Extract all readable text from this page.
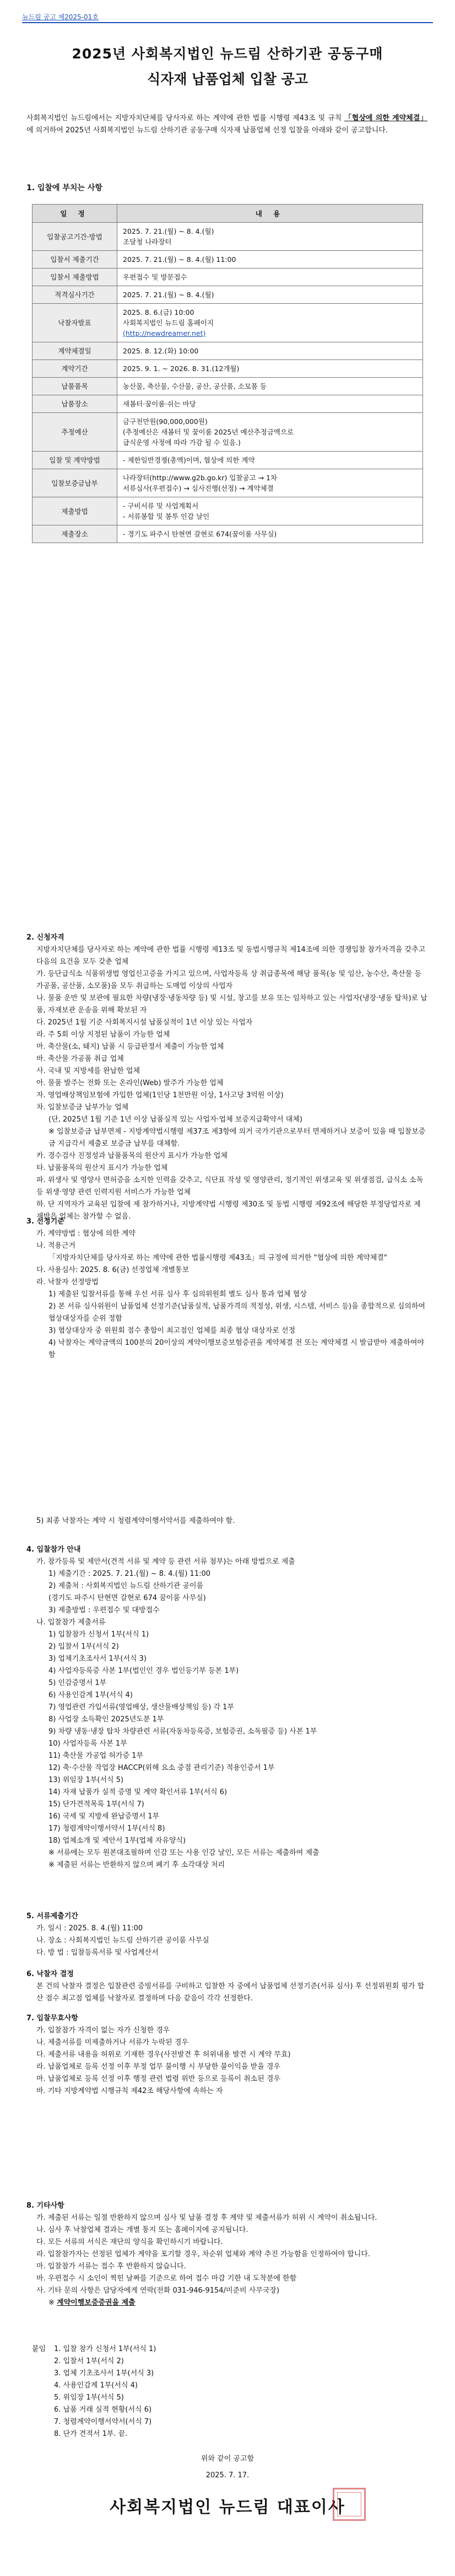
뉴드림 공고 제2025-01호
2025년 사회복지법인 뉴드림 산하기관 공동구매
식자재 납품업체 입찰 공고
사회복지법인 뉴드림에서는 지방자치단체를 당사자로 하는 계약에 관한 법률 시행령 제43조 및 규칙 「협상에 의한 계약체결」 에 의거하여 2025년 사회복지법인 뉴드림 산하기관 공동구매 식자재 납품업체 선정 입찰을 아래와 같이 공고합니다.
1. 입찰에 부치는 사항
일 정	내 용
입찰공고기간·방법	2025. 7. 21.(월) ~ 8. 4.(월)
조달청 나라장터

입찰서 제출기간	2025. 7. 21.(월) ~ 8. 4.(월) 11:00

입찰서 제출방법	우편접수 및 방문접수

적격심사기간	2025. 7. 21.(월) ~ 8. 4.(월)

낙찰자발표	2025. 8. 6.(금) 10:00
사회복지법인 뉴드림 홈페이지
(http://newdreamer.net)
계약체결일	2025. 8. 12.(화) 10:00

계약기간	2025. 9. 1. ~ 2026. 8. 31.(12개월)

납품품목	농산물, 축산물, 수산물, 공산, 공산품, 소모품 등

납품장소	새봄터·꿈이룸·쉬는 마당

추정예산	금구천만원(90,000,000원)
(추정예산은 새봄터 및 꿈이룸 2025년 예산추정금액으로
급식운영 사정에 따라 가감 될 수 있음.)

입찰 및 계약방법	- 제한일반경쟁(총액)이며, 협상에 의한 계약

입찰보증금납부	나라장터(http://www.g2b.go.kr) 입찰공고 → 1차
서류심사(우편접수) → 심사진행(선정) → 계약체결

제출방법	- 구비서류 및 사업계획서
- 서류봉합 및 봉투 인감 날인

제출장소	- 경기도 파주시 탄현면 갈현로 674(꿈이룸 사무실)

2. 신청자격

지방자치단체를 당사자로 하는 계약에 관한 법률 시행령 제13조 및 동법시행규칙 제14조에 의한 경쟁입찰 참가자격을 갖추고 다음의 요건을 모두 갖춘 업체

가. 등단급식소 식품위생법 영업신고증을 가지고 있으며, 사업자등록 상 취급종목에 해당 품목(농 및 임산, 농수산, 축산물 등 가공품, 공산품, 소모품)을 모두 취급하는 도매업 이상의 사업자

나. 물품 운반 및 보관에 필요한 차량(냉장·냉동차량 등) 및 시설, 창고를 보유 또는 임차하고 있는 사업자(냉장·냉동 탑차)로 납품, 자재보관 운송을 위해 확보된 자

다. 2025년 1월 기준 사회복지시설 납품실적이 1년 이상 있는 사업자

라. 주 5회 이상 지정된 납품이 가능한 업체

마. 축산물(소, 돼지) 납품 시 등급판정서 제출이 가능한 업체

바. 축산물 가공품 취급 업체

사. 국내 및 지방세를 완납한 업체

아. 물품 발주는 전화 또는 온라인(Web) 발주가 가능한 업체

자. 영업배상책임보험에 가입한 업체(1인당 1천만원 이상, 1사고당 3억원 이상)

차. 입찰보증금 납부가능 업체

(단, 2025년 1월 기준 1년 이상 납품실적 있는 사업자·업체 보증지급확약서 대체)

※ 입찰보증금 납부면제 - 지방계약법시행령 제37조 제3항에 의거 국가기관으로부터 면제하거나 보증이 있을 때 입찰보증금 지급각서 제출로 보증금 납부를 대체함.

카. 경수검사 진정성과 납품품목의 원산지 표시가 가능한 업체

타. 납품품목의 원산지 표시가 가능한 업체

파. 위생사 및 영양사 면허증을 소지한 인력을 갖추고, 식단표 작성 및 영양관리, 정기적인 위생교육 및 위생점검, 급식소 소독 등 위생·영양 관련 인력지원 서비스가 가능한 업체

하. 단 지역자가 교육된 입찰에 제 참가하거나, 지방계약법 시행령 제30조 및 동법 시행령 제92조에 해당한 부정당업자로 제재받은 업체는 참가할 수 없음.

3. 선정기준

가. 계약방법 : 협상에 의한 계약

나. 적용근거

「지방자치단체를 당사자로 하는 계약에 관한 법률시행령 제43조」의 규정에 의거한 "협상에 의한 계약체결"

다. 사용심사: 2025. 8. 6(금) 선정업체 개별통보

라. 낙찰자 선정방법

1) 제출된 입찰서류를 통해 우선 서류 심사 후 심의위원회 별도 심사 통과 업체 협상

2) 본 서류 심사위원이 납품업체 선정기준(납품실적, 납품가격의 적정성, 위생, 시스템, 서비스 등)을 종합적으로 심의하여 협상대상자를 순위 정함

3) 협상대상자 중 위원회 점수 총합이 최고점인 업체를 최종 협상 대상자로 선정

4) 낙찰자는 계약금액의 100분의 20이상의 계약이행보증보험증권을 계약체결 전 또는 계약체결 시 발급받아 제출하여야 함

5) 최종 낙찰자는 계약 시 청렴계약이행서약서를 제출하여야 함.

4. 입찰참가 안내

가. 참가등록 및 제안서(견적 서류 및 계약 등 관련 서류 첨부)는 아래 방법으로 제출

1) 제출기간 : 2025. 7. 21.(월) ~ 8. 4.(월) 11:00

2) 제출처 : 사회복지법인 뉴드림 산하기관 공이룸

(경기도 파주시 탄현면 갈현로 674 꿈이룸 사무실)

3) 제출방법 : 우편접수 및 대방접수

나. 입찰참가 제출서류

1) 입찰참가 신청서 1부(서식 1)

2) 입찰서 1부(서식 2)

3) 업체기초조사서 1부(서식 3)

4) 사업자등록증 사본 1부(법인인 경우 법인등기부 등본 1부)

5) 인감증명서 1부

6) 사용인감계 1부(서식 4)

7) 영업관련 가입서류(영업배상, 생산물배상책임 등) 각 1부

8) 사업장 소득확인 2025년도분 1부

9) 차량 냉동·냉장 탑차 차량관련 서류(자동차등록증, 보험증권, 소독필증 등) 사본 1부

10) 사업자등록 사본 1부

11) 축산물 가공업 허가증 1부

12) 축·수산물 작업장 HACCP(위해 요소 중점 관리기준) 적용인증서 1부

13) 위임장 1부(서식 5)

14) 자재 납품가 실적 증명 및 계약 확인서류 1부(서식 6)

15) 단가견적목록 1부(서식 7)

16) 국세 및 지방세 완납증명서 1부

17) 청렴계약이행서약서 1부(서식 8)

18) 업체소개 및 제안서 1부(업체 자유양식)

※ 서류에는 모두 원본대조필하며 인감 또는 사용 인감 날인, 모든 서류는 제출하여 제출

※ 제출된 서류는 반환하지 않으며 폐기 후 소각대상 처리

5. 서류제출기간

가. 일시 : 2025. 8. 4.(월) 11:00

나. 장소 : 사회복지법인 뉴드림 산하기관 공이룸 사무실

다. 방 법 : 입찰등록서류 및 사업계산서

6. 낙찰자 결정

본 건의 낙찰자 결정은 입찰관련 증빙서류를 구비하고 입찰한 자 중에서 납품업체 선정기준(서류 심사) 후 선정위원회 평가 합산 점수 최고점 업체를 낙찰자로 결정하며 다음 같음이 각각 선정한다.

7. 입찰무효사항

가. 입찰참가 자격이 없는 자가 신청한 경우

나. 제출서류를 미제출하거나 서류가 누락된 경우

다. 제출서류 내용을 허위로 기재한 경우(사전발견 후 허위내용 발견 시 계약 무효)

라. 납품업체로 등록 선정 이후 부정 업무 불이행 시 부당한 불이익을 받을 경우

마. 납품업체로 등록 선정 이후 행정 관련 법령 위반 등으로 등록이 취소된 경우

바. 기타 지방계약법 시행규칙 제42조 해당사항에 속하는 자

8. 기타사항

가. 제출된 서류는 일절 반환하지 않으며 심사 및 납품 결정 후 계약 및 제출서류가 허위 시 계약이 취소됩니다.

나. 심사 후 낙찰업체 결과는 개별 통지 또는 홈페이지에 공지됩니다.

다. 모든 서류의 서식은 재단의 양식을 확인하시기 바랍니다.

라. 입찰참가자는 선정된 업체가 계약을 포기할 경우, 차순위 업체와 계약 추진 가능함을 인정하여야 합니다.

마. 입찰참가 서류는 접수 후 반환하지 않습니다.

바. 우편접수 시 소인이 찍힌 날짜를 기준으로 하여 접수 마감 기한 내 도착분에 한함

사. 기타 문의 사항은 담당자에게 연락(전화 031-946-9154/미준비 사무국장)

※ 계약이행보증증권을 제출

붙임	1. 입찰 참가 신청서 1부(서식 1)
2. 입찰서 1부(서식 2)
3. 업체 기초조사서 1부(서식 3)
4. 사용인감계 1부(서식 4)
5. 위임장 1부(서식 5)
6. 납품 거래 실적 현황(서식 6)
7. 청렴계약이행서약서(서식 7)
8. 단가 견적서 1부. 끝.
위와 같이 공고함
2025. 7. 17.
사회복지법인 뉴드림 대표이사
